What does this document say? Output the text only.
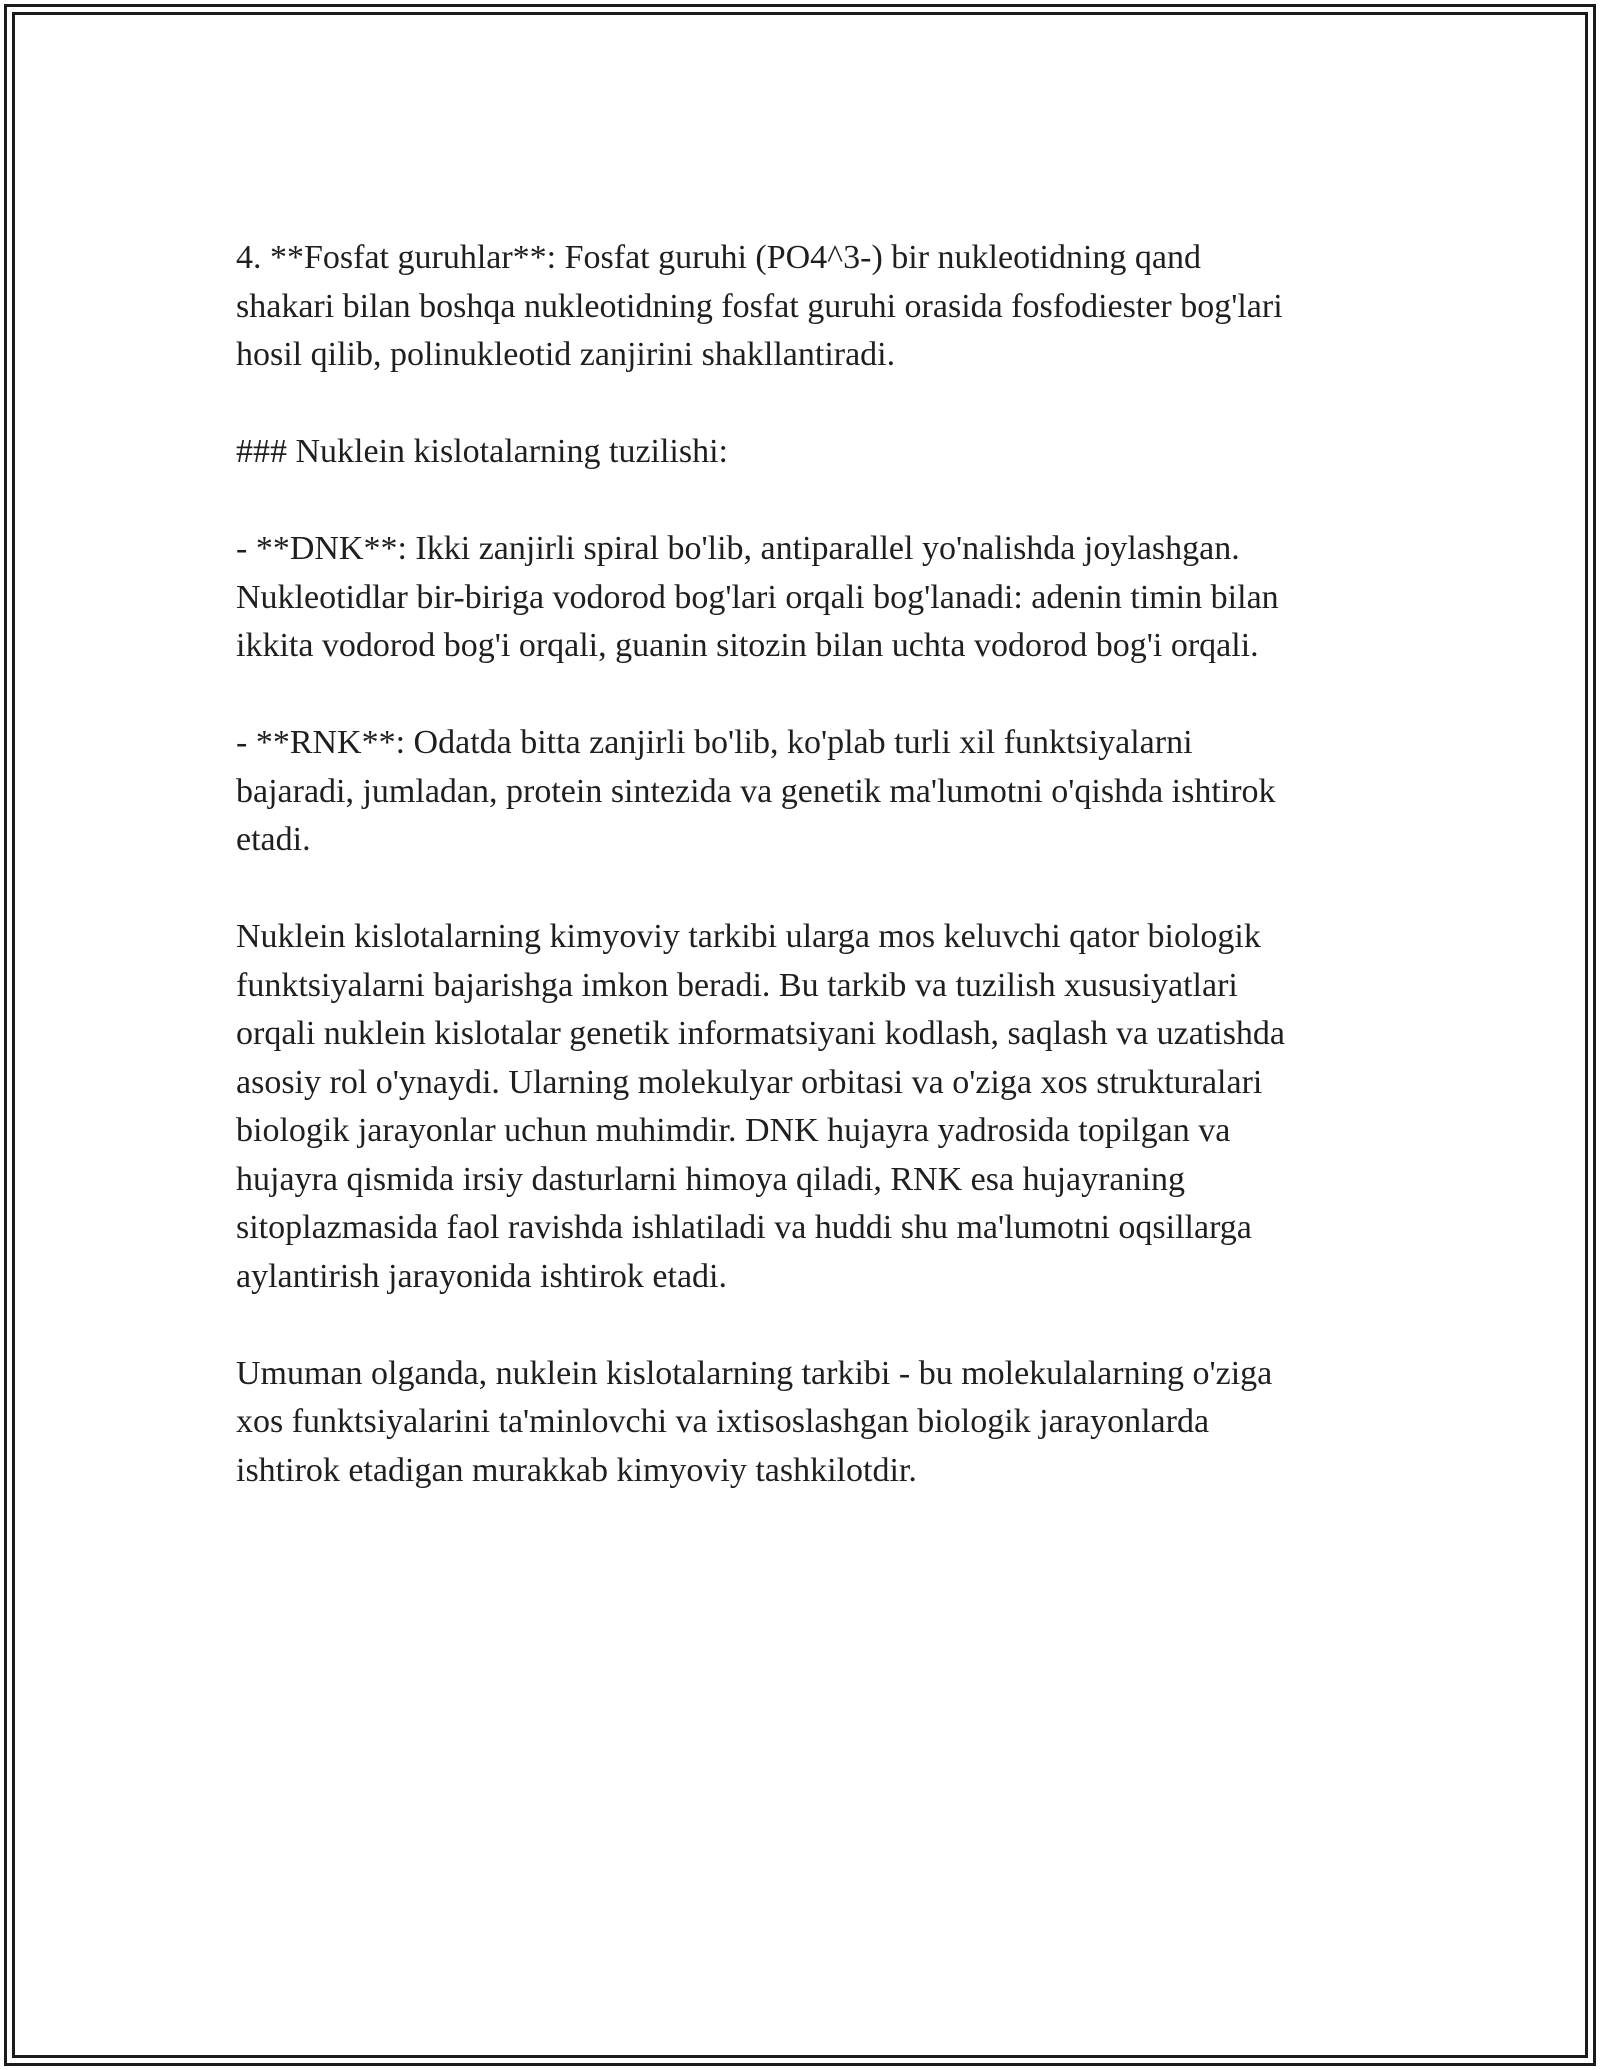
4. **Fosfat guruhlar**: Fosfat guruhi (PO4^3-) bir nukleotidning qand
shakari bilan boshqa nukleotidning fosfat guruhi orasida fosfodiester bog'lari
hosil qilib, polinukleotid zanjirini shakllantiradi.

### Nuklein kislotalarning tuzilishi:

- **DNK**: Ikki zanjirli spiral bo'lib, antiparallel yo'nalishda joylashgan.
Nukleotidlar bir-biriga vodorod bog'lari orqali bog'lanadi: adenin timin bilan
ikkita vodorod bog'i orqali, guanin sitozin bilan uchta vodorod bog'i orqali.

- **RNK**: Odatda bitta zanjirli bo'lib, ko'plab turli xil funktsiyalarni
bajaradi, jumladan, protein sintezida va genetik ma'lumotni o'qishda ishtirok
etadi.

Nuklein kislotalarning kimyoviy tarkibi ularga mos keluvchi qator biologik
funktsiyalarni bajarishga imkon beradi. Bu tarkib va tuzilish xususiyatlari
orqali nuklein kislotalar genetik informatsiyani kodlash, saqlash va uzatishda
asosiy rol o'ynaydi. Ularning molekulyar orbitasi va o'ziga xos strukturalari
biologik jarayonlar uchun muhimdir. DNK hujayra yadrosida topilgan va
hujayra qismida irsiy dasturlarni himoya qiladi, RNK esa hujayraning
sitoplazmasida faol ravishda ishlatiladi va huddi shu ma'lumotni oqsillarga
aylantirish jarayonida ishtirok etadi.

Umuman olganda, nuklein kislotalarning tarkibi - bu molekulalarning o'ziga
xos funktsiyalarini ta'minlovchi va ixtisoslashgan biologik jarayonlarda
ishtirok etadigan murakkab kimyoviy tashkilotdir.
